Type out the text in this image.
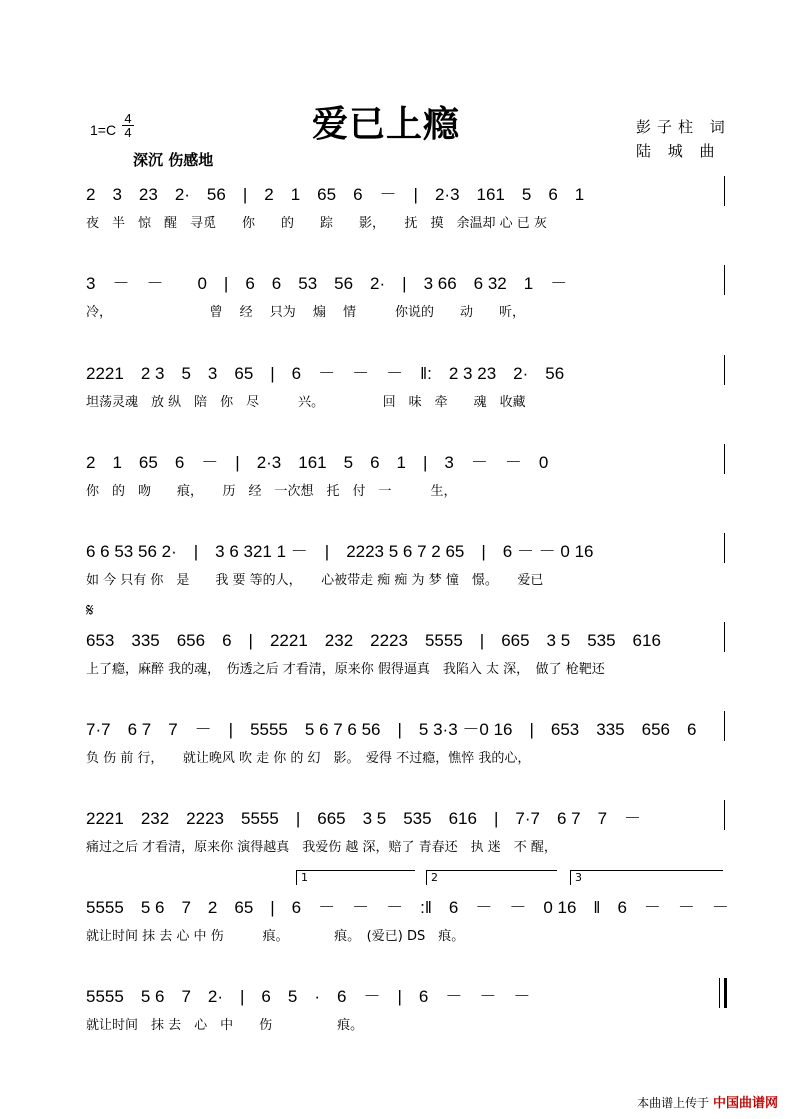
爱已上瘾
1=C
4
4
深沉 伤感地
彭子柱 词
陆 城 曲
2　3　23　2·　56　|　2　1　65　6　－　|　2·3　161　5　6　1
夜　半　惊　醒　寻觅　　你　　的　　踪　　影，　　抚　摸　余温却 心 已 灰
3　－　－　　0　|　6　6　53　56　2·　|　3 66　6 32　1　－
冷，　　　　　　　　曾　 经　 只为　 煽　 情　　　你说的　　动　　听，
2221　2 3　5　3　65　|　6　－　－　－　‖:　2 3 23　2·　56
坦荡灵魂　放 纵　陪　你　尽　　　兴。　　　　　回　味　牵　　魂　收藏
2　1　65　6　－　|　2·3　161　5　6　1　|　3　－　－　0
你　的　吻　　痕，　　历　经　一次想　托　付　一　　　生，
6 6 53 56 2·　|　3 6 321 1 －　|　2223 5 6 7 2 65　|　6 － － 0 16
如 今 只有 你　是　　我 要 等的人，　　心被带走 痴 痴 为 梦 憧　憬。　　爱已
𝄋
653　335　656　6　|　2221　232　2223　5555　|　665　3 5　535　616
上了瘾，麻醉 我的魂，　伤透之后 才看清，原来你 假得逼真　我陷入 太 深，　做了 枪靶还
7·7　6 7　7　－　|　5555　5 6 7 6 56　|　5 3·3 －0 16　|　653　335　656　6
负 伤 前 行，　　就让晚风 吹 走 你 的 幻　影。　爱得 不过瘾，憔悴 我的心，
2221　232　2223　5555　|　665　3 5　535　616　|　7·7　6 7　7　－
痛过之后 才看清，原来你 演得越真　我爱伤 越 深，赔了 青春还　执 迷　不 醒，
1	2	3
5555　5 6　7　2　65　|　6　－　－　－　:‖　6　－　－　0 16　‖　6　－　－　－
就让时间 抹 去 心 中 伤　　　痕。　　　　痕。　(爱已) DS　痕。
5555　5 6　7　2·　|　6　5　·　6　－　|　6　－　－　－
就让时间　抹 去　心　中　　伤　　　　　痕。
本曲谱上传于 中国曲谱网
